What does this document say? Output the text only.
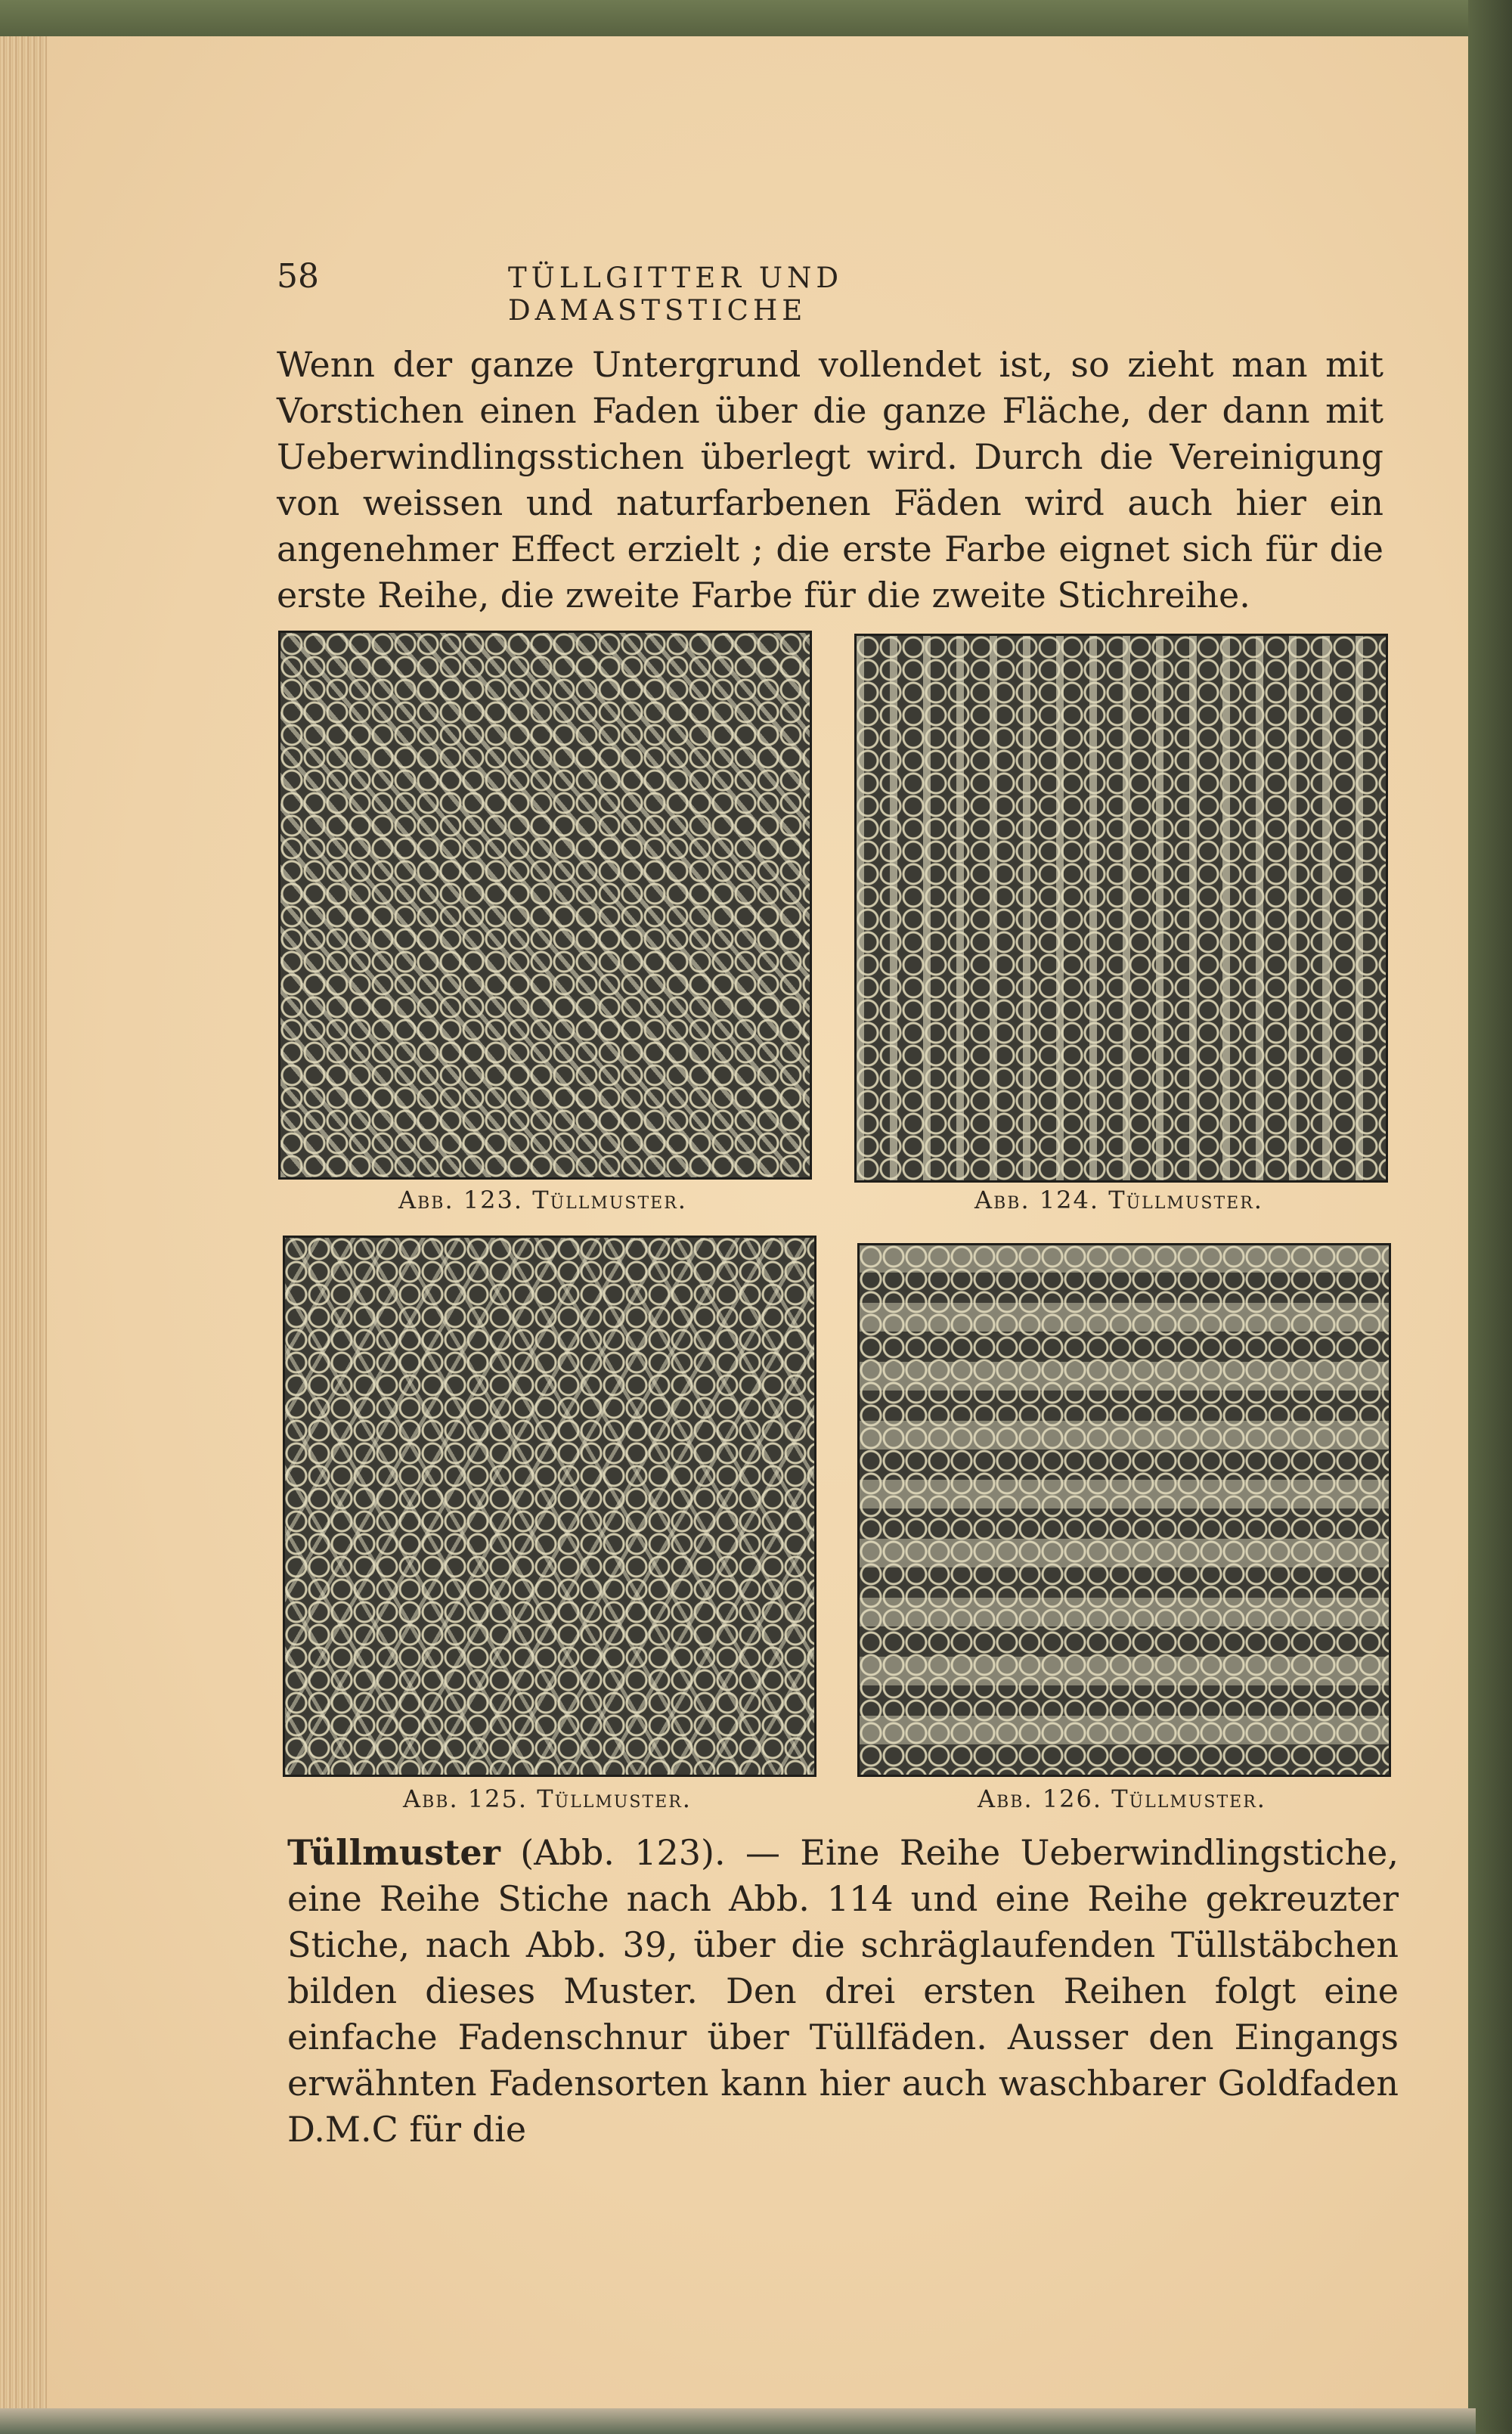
58	TÜLLGITTER UND DAMASTSTICHE

Wenn der ganze Untergrund vollendet ist, so zieht man mit Vorstichen einen Faden über die ganze Fläche, der dann mit Ueberwindlingsstichen überlegt wird. Durch die Vereinigung von weissen und naturfarbenen Fäden wird auch hier ein angenehmer Effect erzielt ; die erste Farbe eignet sich für die erste Reihe, die zweite Farbe für die zweite Stichreihe.

Abb. 123. Tüllmuster.	Abb. 124. Tüllmuster.
Abb. 125. Tüllmuster.	Abb. 126. Tüllmuster.

Tüllmuster (Abb. 123). — Eine Reihe Ueberwindlingstiche, eine Reihe Stiche nach Abb. 114 und eine Reihe gekreuzter Stiche, nach Abb. 39, über die schräglaufenden Tüllstäbchen bilden dieses Muster. Den drei ersten Reihen folgt eine einfache Fadenschnur über Tüllfäden. Ausser den Eingangs erwähnten Fadensorten kann hier auch waschbarer Goldfaden D.M.C für die
